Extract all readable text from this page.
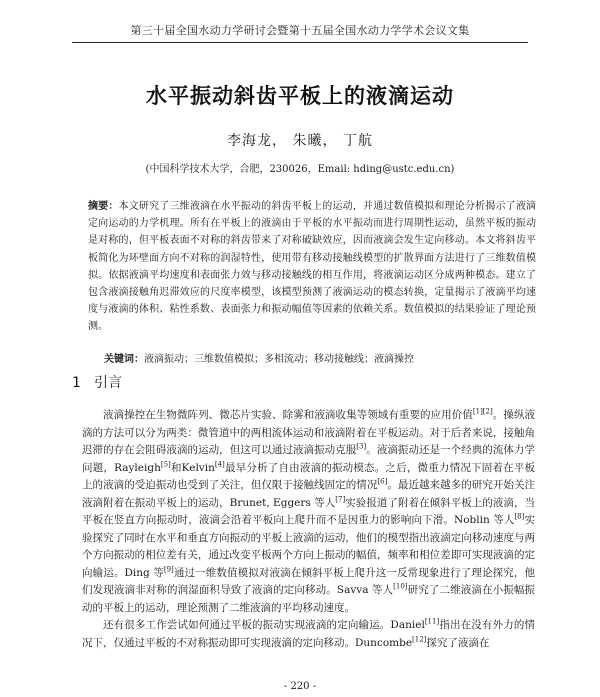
第三十届全国水动力学研讨会暨第十五届全国水动力学学术会议文集
水平振动斜齿平板上的液滴运动
李海龙， 朱曦， 丁航
(中国科学技术大学，合肥，230026，Email: hding@ustc.edu.cn)

摘要：本文研究了三维液滴在水平振动的斜齿平板上的运动，并通过数值模拟和理论分析揭示了液滴定向运动的力学机理。所有在平板上的液滴由于平板的水平振动而进行周期性运动，虽然平板的振动是对称的，但平板表面不对称的斜齿带来了对称破缺效应，因而液滴会发生定向移动。本文将斜齿平板简化为环壁面方向不对称的润湿特性，使用带有移动接触线模型的扩散界面方法进行了三维数值模拟。依据液滴平均速度和表面张力效与移动接触线的相互作用，将液滴运动区分成两种模态。建立了包含液滴接触角迟滞效应的尺度率模型，该模型预测了液滴运动的模态转换，定量揭示了液滴平均速度与液滴的体积、粘性系数、表面张力和振动幅值等因素的依赖关系。数值模拟的结果验证了理论预测。

关键词：液滴振动；三维数值模拟；多相流动；移动接触线；液滴操控

1 引言

液滴操控在生物微阵列、微芯片实验、除雾和液滴收集等领域有重要的应用价值[1][2]。操纵液滴的方法可以分为两类：微管道中的两相流体运动和液滴附着在平板运动。对于后者来说，接触角迟滞的存在会阻碍液滴的运动，但这可以通过液滴振动克服[3]。液滴振动还是一个经典的流体力学问题，Rayleigh[5]和Kelvin[4]最早分析了自由液滴的振动模态。之后，微重力情况下固着在平板上的液滴的受迫振动也受到了关注，但仅限于接触线固定的情况[6]。最近越来越多的研究开始关注液滴附着在振动平板上的运动，Brunet, Eggers 等人[7]实验报道了附着在倾斜平板上的液滴，当平板在竖直方向振动时，液滴会沿着平板向上爬升而不是因重力的影响向下滑。Noblin 等人[8]实验探究了同时在水平和垂直方向振动的平板上液滴的运动，他们的模型指出液滴定向移动速度与两个方向振动的相位差有关，通过改变平板两个方向上振动的幅值，频率和相位差即可实现液滴的定向输运。Ding 等[9]通过一维数值模拟对液滴在倾斜平板上爬升这一反常现象进行了理论探究，他们发现液滴非对称的润湿面积导致了液滴的定向移动。Savva 等人[10]研究了二维液滴在小振幅振动的平板上的运动，理论预测了二维液滴的平均移动速度。

还有很多工作尝试如何通过平板的振动实现液滴的定向输运。Daniel[11]指出在没有外力的情况下，仅通过平板的不对称振动即可实现液滴的定向移动。Duncombe[12]探究了液滴在

- 220 -
